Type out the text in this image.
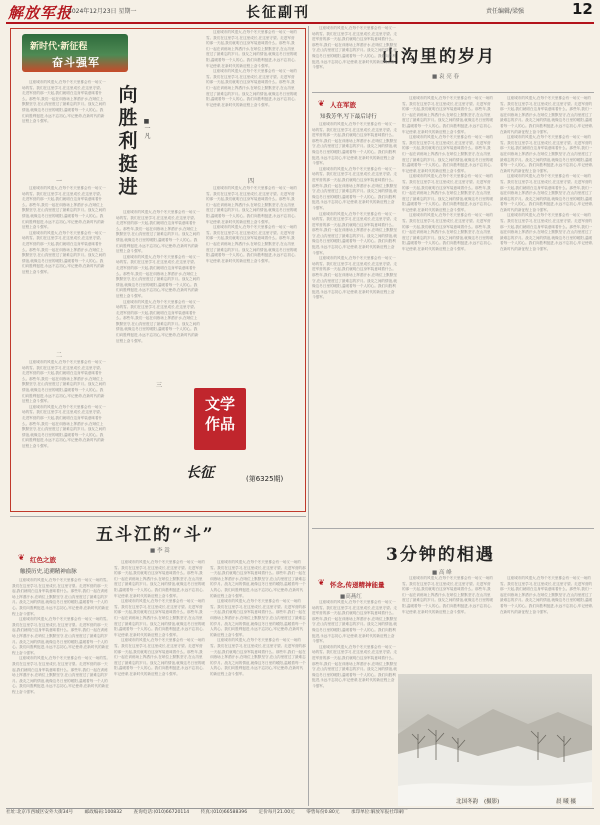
解放军报
2024年12月23日 星期一	长征副刊	责任编辑/梁强	12
新时代·新征程
奋斗强军

这座城市的风很大,在每个冬天里都会有一场又一场的雪。我们在这里学习,在这里成长,在这里守望。走进军营的那一天起,我们就明白这身军装意味着什么。那些年,我们一起在训练场上挥洒汗水,在哨位上默默坚守,在山沟里度过了最难忘的岁月。战友之间的情谊,就像这冬日里的暖阳,温暖着每一个人的心。我们向胜利挺进,永远不忘初心,牢记使命,在新时代的新征程上奋斗强军。

向
胜
利
挺
进
■一 凡
一

这座城市的风很大,在每个冬天里都会有一场又一场的雪。我们在这里学习,在这里成长,在这里守望。走进军营的那一天起,我们就明白这身军装意味着什么。那些年,我们一起在训练场上挥洒汗水,在哨位上默默坚守,在山沟里度过了最难忘的岁月。战友之间的情谊,就像这冬日里的暖阳,温暖着每一个人的心。我们向胜利挺进,永远不忘初心,牢记使命,在新时代的新征程上奋斗强军。

这座城市的风很大,在每个冬天里都会有一场又一场的雪。我们在这里学习,在这里成长,在这里守望。走进军营的那一天起,我们就明白这身军装意味着什么。那些年,我们一起在训练场上挥洒汗水,在哨位上默默坚守,在山沟里度过了最难忘的岁月。战友之间的情谊,就像这冬日里的暖阳,温暖着每一个人的心。我们向胜利挺进,永远不忘初心,牢记使命,在新时代的新征程上奋斗强军。

二

这座城市的风很大,在每个冬天里都会有一场又一场的雪。我们在这里学习,在这里成长,在这里守望。走进军营的那一天起,我们就明白这身军装意味着什么。那些年,我们一起在训练场上挥洒汗水,在哨位上默默坚守,在山沟里度过了最难忘的岁月。战友之间的情谊,就像这冬日里的暖阳,温暖着每一个人的心。我们向胜利挺进,永远不忘初心,牢记使命,在新时代的新征程上奋斗强军。

这座城市的风很大,在每个冬天里都会有一场又一场的雪。我们在这里学习,在这里成长,在这里守望。走进军营的那一天起,我们就明白这身军装意味着什么。那些年,我们一起在训练场上挥洒汗水,在哨位上默默坚守,在山沟里度过了最难忘的岁月。战友之间的情谊,就像这冬日里的暖阳,温暖着每一个人的心。我们向胜利挺进,永远不忘初心,牢记使命,在新时代的新征程上奋斗强军。

这座城市的风很大,在每个冬天里都会有一场又一场的雪。我们在这里学习,在这里成长,在这里守望。走进军营的那一天起,我们就明白这身军装意味着什么。那些年,我们一起在训练场上挥洒汗水,在哨位上默默坚守,在山沟里度过了最难忘的岁月。战友之间的情谊,就像这冬日里的暖阳,温暖着每一个人的心。我们向胜利挺进,永远不忘初心,牢记使命,在新时代的新征程上奋斗强军。

这座城市的风很大,在每个冬天里都会有一场又一场的雪。我们在这里学习,在这里成长,在这里守望。走进军营的那一天起,我们就明白这身军装意味着什么。那些年,我们一起在训练场上挥洒汗水,在哨位上默默坚守,在山沟里度过了最难忘的岁月。战友之间的情谊,就像这冬日里的暖阳,温暖着每一个人的心。我们向胜利挺进,永远不忘初心,牢记使命,在新时代的新征程上奋斗强军。

这座城市的风很大,在每个冬天里都会有一场又一场的雪。我们在这里学习,在这里成长,在这里守望。走进军营的那一天起,我们就明白这身军装意味着什么。那些年,我们一起在训练场上挥洒汗水,在哨位上默默坚守,在山沟里度过了最难忘的岁月。战友之间的情谊,就像这冬日里的暖阳,温暖着每一个人的心。我们向胜利挺进,永远不忘初心,牢记使命,在新时代的新征程上奋斗强军。

这座城市的风很大,在每个冬天里都会有一场又一场的雪。我们在这里学习,在这里成长,在这里守望。走进军营的那一天起,我们就明白这身军装意味着什么。那些年,我们一起在训练场上挥洒汗水,在哨位上默默坚守,在山沟里度过了最难忘的岁月。战友之间的情谊,就像这冬日里的暖阳,温暖着每一个人的心。我们向胜利挺进,永远不忘初心,牢记使命,在新时代的新征程上奋斗强军。

这座城市的风很大,在每个冬天里都会有一场又一场的雪。我们在这里学习,在这里成长,在这里守望。走进军营的那一天起,我们就明白这身军装意味着什么。那些年,我们一起在训练场上挥洒汗水,在哨位上默默坚守,在山沟里度过了最难忘的岁月。战友之间的情谊,就像这冬日里的暖阳,温暖着每一个人的心。我们向胜利挺进,永远不忘初心,牢记使命,在新时代的新征程上奋斗强军。

四

这座城市的风很大,在每个冬天里都会有一场又一场的雪。我们在这里学习,在这里成长,在这里守望。走进军营的那一天起,我们就明白这身军装意味着什么。那些年,我们一起在训练场上挥洒汗水,在哨位上默默坚守,在山沟里度过了最难忘的岁月。战友之间的情谊,就像这冬日里的暖阳,温暖着每一个人的心。我们向胜利挺进,永远不忘初心,牢记使命,在新时代的新征程上奋斗强军。

这座城市的风很大,在每个冬天里都会有一场又一场的雪。我们在这里学习,在这里成长,在这里守望。走进军营的那一天起,我们就明白这身军装意味着什么。那些年,我们一起在训练场上挥洒汗水,在哨位上默默坚守,在山沟里度过了最难忘的岁月。战友之间的情谊,就像这冬日里的暖阳,温暖着每一个人的心。我们向胜利挺进,永远不忘初心,牢记使命,在新时代的新征程上奋斗强军。

三
文学
作品
长征	(第6325期)
山沟里的岁月
■ 袁 亮 春

这座城市的风很大,在每个冬天里都会有一场又一场的雪。我们在这里学习,在这里成长,在这里守望。走进军营的那一天起,我们就明白这身军装意味着什么。那些年,我们一起在训练场上挥洒汗水,在哨位上默默坚守,在山沟里度过了最难忘的岁月。战友之间的情谊,就像这冬日里的暖阳,温暖着每一个人的心。我们向胜利挺进,永远不忘初心,牢记使命,在新时代的新征程上奋斗强军。

❦ 人在军旅
知我芳华,写下最后诗行

这座城市的风很大,在每个冬天里都会有一场又一场的雪。我们在这里学习,在这里成长,在这里守望。走进军营的那一天起,我们就明白这身军装意味着什么。那些年,我们一起在训练场上挥洒汗水,在哨位上默默坚守,在山沟里度过了最难忘的岁月。战友之间的情谊,就像这冬日里的暖阳,温暖着每一个人的心。我们向胜利挺进,永远不忘初心,牢记使命,在新时代的新征程上奋斗强军。

这座城市的风很大,在每个冬天里都会有一场又一场的雪。我们在这里学习,在这里成长,在这里守望。走进军营的那一天起,我们就明白这身军装意味着什么。那些年,我们一起在训练场上挥洒汗水,在哨位上默默坚守,在山沟里度过了最难忘的岁月。战友之间的情谊,就像这冬日里的暖阳,温暖着每一个人的心。我们向胜利挺进,永远不忘初心,牢记使命,在新时代的新征程上奋斗强军。

这座城市的风很大,在每个冬天里都会有一场又一场的雪。我们在这里学习,在这里成长,在这里守望。走进军营的那一天起,我们就明白这身军装意味着什么。那些年,我们一起在训练场上挥洒汗水,在哨位上默默坚守,在山沟里度过了最难忘的岁月。战友之间的情谊,就像这冬日里的暖阳,温暖着每一个人的心。我们向胜利挺进,永远不忘初心,牢记使命,在新时代的新征程上奋斗强军。

这座城市的风很大,在每个冬天里都会有一场又一场的雪。我们在这里学习,在这里成长,在这里守望。走进军营的那一天起,我们就明白这身军装意味着什么。那些年,我们一起在训练场上挥洒汗水,在哨位上默默坚守,在山沟里度过了最难忘的岁月。战友之间的情谊,就像这冬日里的暖阳,温暖着每一个人的心。我们向胜利挺进,永远不忘初心,牢记使命,在新时代的新征程上奋斗强军。

这座城市的风很大,在每个冬天里都会有一场又一场的雪。我们在这里学习,在这里成长,在这里守望。走进军营的那一天起,我们就明白这身军装意味着什么。那些年,我们一起在训练场上挥洒汗水,在哨位上默默坚守,在山沟里度过了最难忘的岁月。战友之间的情谊,就像这冬日里的暖阳,温暖着每一个人的心。我们向胜利挺进,永远不忘初心,牢记使命,在新时代的新征程上奋斗强军。

这座城市的风很大,在每个冬天里都会有一场又一场的雪。我们在这里学习,在这里成长,在这里守望。走进军营的那一天起,我们就明白这身军装意味着什么。那些年,我们一起在训练场上挥洒汗水,在哨位上默默坚守,在山沟里度过了最难忘的岁月。战友之间的情谊,就像这冬日里的暖阳,温暖着每一个人的心。我们向胜利挺进,永远不忘初心,牢记使命,在新时代的新征程上奋斗强军。

这座城市的风很大,在每个冬天里都会有一场又一场的雪。我们在这里学习,在这里成长,在这里守望。走进军营的那一天起,我们就明白这身军装意味着什么。那些年,我们一起在训练场上挥洒汗水,在哨位上默默坚守,在山沟里度过了最难忘的岁月。战友之间的情谊,就像这冬日里的暖阳,温暖着每一个人的心。我们向胜利挺进,永远不忘初心,牢记使命,在新时代的新征程上奋斗强军。

这座城市的风很大,在每个冬天里都会有一场又一场的雪。我们在这里学习,在这里成长,在这里守望。走进军营的那一天起,我们就明白这身军装意味着什么。那些年,我们一起在训练场上挥洒汗水,在哨位上默默坚守,在山沟里度过了最难忘的岁月。战友之间的情谊,就像这冬日里的暖阳,温暖着每一个人的心。我们向胜利挺进,永远不忘初心,牢记使命,在新时代的新征程上奋斗强军。

这座城市的风很大,在每个冬天里都会有一场又一场的雪。我们在这里学习,在这里成长,在这里守望。走进军营的那一天起,我们就明白这身军装意味着什么。那些年,我们一起在训练场上挥洒汗水,在哨位上默默坚守,在山沟里度过了最难忘的岁月。战友之间的情谊,就像这冬日里的暖阳,温暖着每一个人的心。我们向胜利挺进,永远不忘初心,牢记使命,在新时代的新征程上奋斗强军。

这座城市的风很大,在每个冬天里都会有一场又一场的雪。我们在这里学习,在这里成长,在这里守望。走进军营的那一天起,我们就明白这身军装意味着什么。那些年,我们一起在训练场上挥洒汗水,在哨位上默默坚守,在山沟里度过了最难忘的岁月。战友之间的情谊,就像这冬日里的暖阳,温暖着每一个人的心。我们向胜利挺进,永远不忘初心,牢记使命,在新时代的新征程上奋斗强军。

这座城市的风很大,在每个冬天里都会有一场又一场的雪。我们在这里学习,在这里成长,在这里守望。走进军营的那一天起,我们就明白这身军装意味着什么。那些年,我们一起在训练场上挥洒汗水,在哨位上默默坚守,在山沟里度过了最难忘的岁月。战友之间的情谊,就像这冬日里的暖阳,温暖着每一个人的心。我们向胜利挺进,永远不忘初心,牢记使命,在新时代的新征程上奋斗强军。

这座城市的风很大,在每个冬天里都会有一场又一场的雪。我们在这里学习,在这里成长,在这里守望。走进军营的那一天起,我们就明白这身军装意味着什么。那些年,我们一起在训练场上挥洒汗水,在哨位上默默坚守,在山沟里度过了最难忘的岁月。战友之间的情谊,就像这冬日里的暖阳,温暖着每一个人的心。我们向胜利挺进,永远不忘初心,牢记使命,在新时代的新征程上奋斗强军。

3分钟的相遇
■ 高 峰
❦ 怀念,传递精神能量
■高燕红

这座城市的风很大,在每个冬天里都会有一场又一场的雪。我们在这里学习,在这里成长,在这里守望。走进军营的那一天起,我们就明白这身军装意味着什么。那些年,我们一起在训练场上挥洒汗水,在哨位上默默坚守,在山沟里度过了最难忘的岁月。战友之间的情谊,就像这冬日里的暖阳,温暖着每一个人的心。我们向胜利挺进,永远不忘初心,牢记使命,在新时代的新征程上奋斗强军。

这座城市的风很大,在每个冬天里都会有一场又一场的雪。我们在这里学习,在这里成长,在这里守望。走进军营的那一天起,我们就明白这身军装意味着什么。那些年,我们一起在训练场上挥洒汗水,在哨位上默默坚守,在山沟里度过了最难忘的岁月。战友之间的情谊,就像这冬日里的暖阳,温暖着每一个人的心。我们向胜利挺进,永远不忘初心,牢记使命,在新时代的新征程上奋斗强军。

这座城市的风很大,在每个冬天里都会有一场又一场的雪。我们在这里学习,在这里成长,在这里守望。走进军营的那一天起,我们就明白这身军装意味着什么。那些年,我们一起在训练场上挥洒汗水,在哨位上默默坚守,在山沟里度过了最难忘的岁月。战友之间的情谊,就像这冬日里的暖阳,温暖着每一个人的心。我们向胜利挺进,永远不忘初心,牢记使命,在新时代的新征程上奋斗强军。

这座城市的风很大,在每个冬天里都会有一场又一场的雪。我们在这里学习,在这里成长,在这里守望。走进军营的那一天起,我们就明白这身军装意味着什么。那些年,我们一起在训练场上挥洒汗水,在哨位上默默坚守,在山沟里度过了最难忘的岁月。战友之间的情谊,就像这冬日里的暖阳,温暖着每一个人的心。我们向胜利挺进,永远不忘初心,牢记使命,在新时代的新征程上奋斗强军。

北国冬韵 (摄影)	晨 曦 摄
五斗江的“斗”
■ 李 嵩
❦ 红色之旅
触摸历史,追溯精神血脉

这座城市的风很大,在每个冬天里都会有一场又一场的雪。我们在这里学习,在这里成长,在这里守望。走进军营的那一天起,我们就明白这身军装意味着什么。那些年,我们一起在训练场上挥洒汗水,在哨位上默默坚守,在山沟里度过了最难忘的岁月。战友之间的情谊,就像这冬日里的暖阳,温暖着每一个人的心。我们向胜利挺进,永远不忘初心,牢记使命,在新时代的新征程上奋斗强军。

这座城市的风很大,在每个冬天里都会有一场又一场的雪。我们在这里学习,在这里成长,在这里守望。走进军营的那一天起,我们就明白这身军装意味着什么。那些年,我们一起在训练场上挥洒汗水,在哨位上默默坚守,在山沟里度过了最难忘的岁月。战友之间的情谊,就像这冬日里的暖阳,温暖着每一个人的心。我们向胜利挺进,永远不忘初心,牢记使命,在新时代的新征程上奋斗强军。

这座城市的风很大,在每个冬天里都会有一场又一场的雪。我们在这里学习,在这里成长,在这里守望。走进军营的那一天起,我们就明白这身军装意味着什么。那些年,我们一起在训练场上挥洒汗水,在哨位上默默坚守,在山沟里度过了最难忘的岁月。战友之间的情谊,就像这冬日里的暖阳,温暖着每一个人的心。我们向胜利挺进,永远不忘初心,牢记使命,在新时代的新征程上奋斗强军。

这座城市的风很大,在每个冬天里都会有一场又一场的雪。我们在这里学习,在这里成长,在这里守望。走进军营的那一天起,我们就明白这身军装意味着什么。那些年,我们一起在训练场上挥洒汗水,在哨位上默默坚守,在山沟里度过了最难忘的岁月。战友之间的情谊,就像这冬日里的暖阳,温暖着每一个人的心。我们向胜利挺进,永远不忘初心,牢记使命,在新时代的新征程上奋斗强军。

这座城市的风很大,在每个冬天里都会有一场又一场的雪。我们在这里学习,在这里成长,在这里守望。走进军营的那一天起,我们就明白这身军装意味着什么。那些年,我们一起在训练场上挥洒汗水,在哨位上默默坚守,在山沟里度过了最难忘的岁月。战友之间的情谊,就像这冬日里的暖阳,温暖着每一个人的心。我们向胜利挺进,永远不忘初心,牢记使命,在新时代的新征程上奋斗强军。

这座城市的风很大,在每个冬天里都会有一场又一场的雪。我们在这里学习,在这里成长,在这里守望。走进军营的那一天起,我们就明白这身军装意味着什么。那些年,我们一起在训练场上挥洒汗水,在哨位上默默坚守,在山沟里度过了最难忘的岁月。战友之间的情谊,就像这冬日里的暖阳,温暖着每一个人的心。我们向胜利挺进,永远不忘初心,牢记使命,在新时代的新征程上奋斗强军。

这座城市的风很大,在每个冬天里都会有一场又一场的雪。我们在这里学习,在这里成长,在这里守望。走进军营的那一天起,我们就明白这身军装意味着什么。那些年,我们一起在训练场上挥洒汗水,在哨位上默默坚守,在山沟里度过了最难忘的岁月。战友之间的情谊,就像这冬日里的暖阳,温暖着每一个人的心。我们向胜利挺进,永远不忘初心,牢记使命,在新时代的新征程上奋斗强军。

这座城市的风很大,在每个冬天里都会有一场又一场的雪。我们在这里学习,在这里成长,在这里守望。走进军营的那一天起,我们就明白这身军装意味着什么。那些年,我们一起在训练场上挥洒汗水,在哨位上默默坚守,在山沟里度过了最难忘的岁月。战友之间的情谊,就像这冬日里的暖阳,温暖着每一个人的心。我们向胜利挺进,永远不忘初心,牢记使命,在新时代的新征程上奋斗强军。

这座城市的风很大,在每个冬天里都会有一场又一场的雪。我们在这里学习,在这里成长,在这里守望。走进军营的那一天起,我们就明白这身军装意味着什么。那些年,我们一起在训练场上挥洒汗水,在哨位上默默坚守,在山沟里度过了最难忘的岁月。战友之间的情谊,就像这冬日里的暖阳,温暖着每一个人的心。我们向胜利挺进,永远不忘初心,牢记使命,在新时代的新征程上奋斗强军。

社址:北京市西城区安外大街34号 邮政编码:100832 查询电话:(010)66720114 传真:(010)66588396 定价每月21.00元 零售每份0.80元 承印单位:解放军报社印刷厂
